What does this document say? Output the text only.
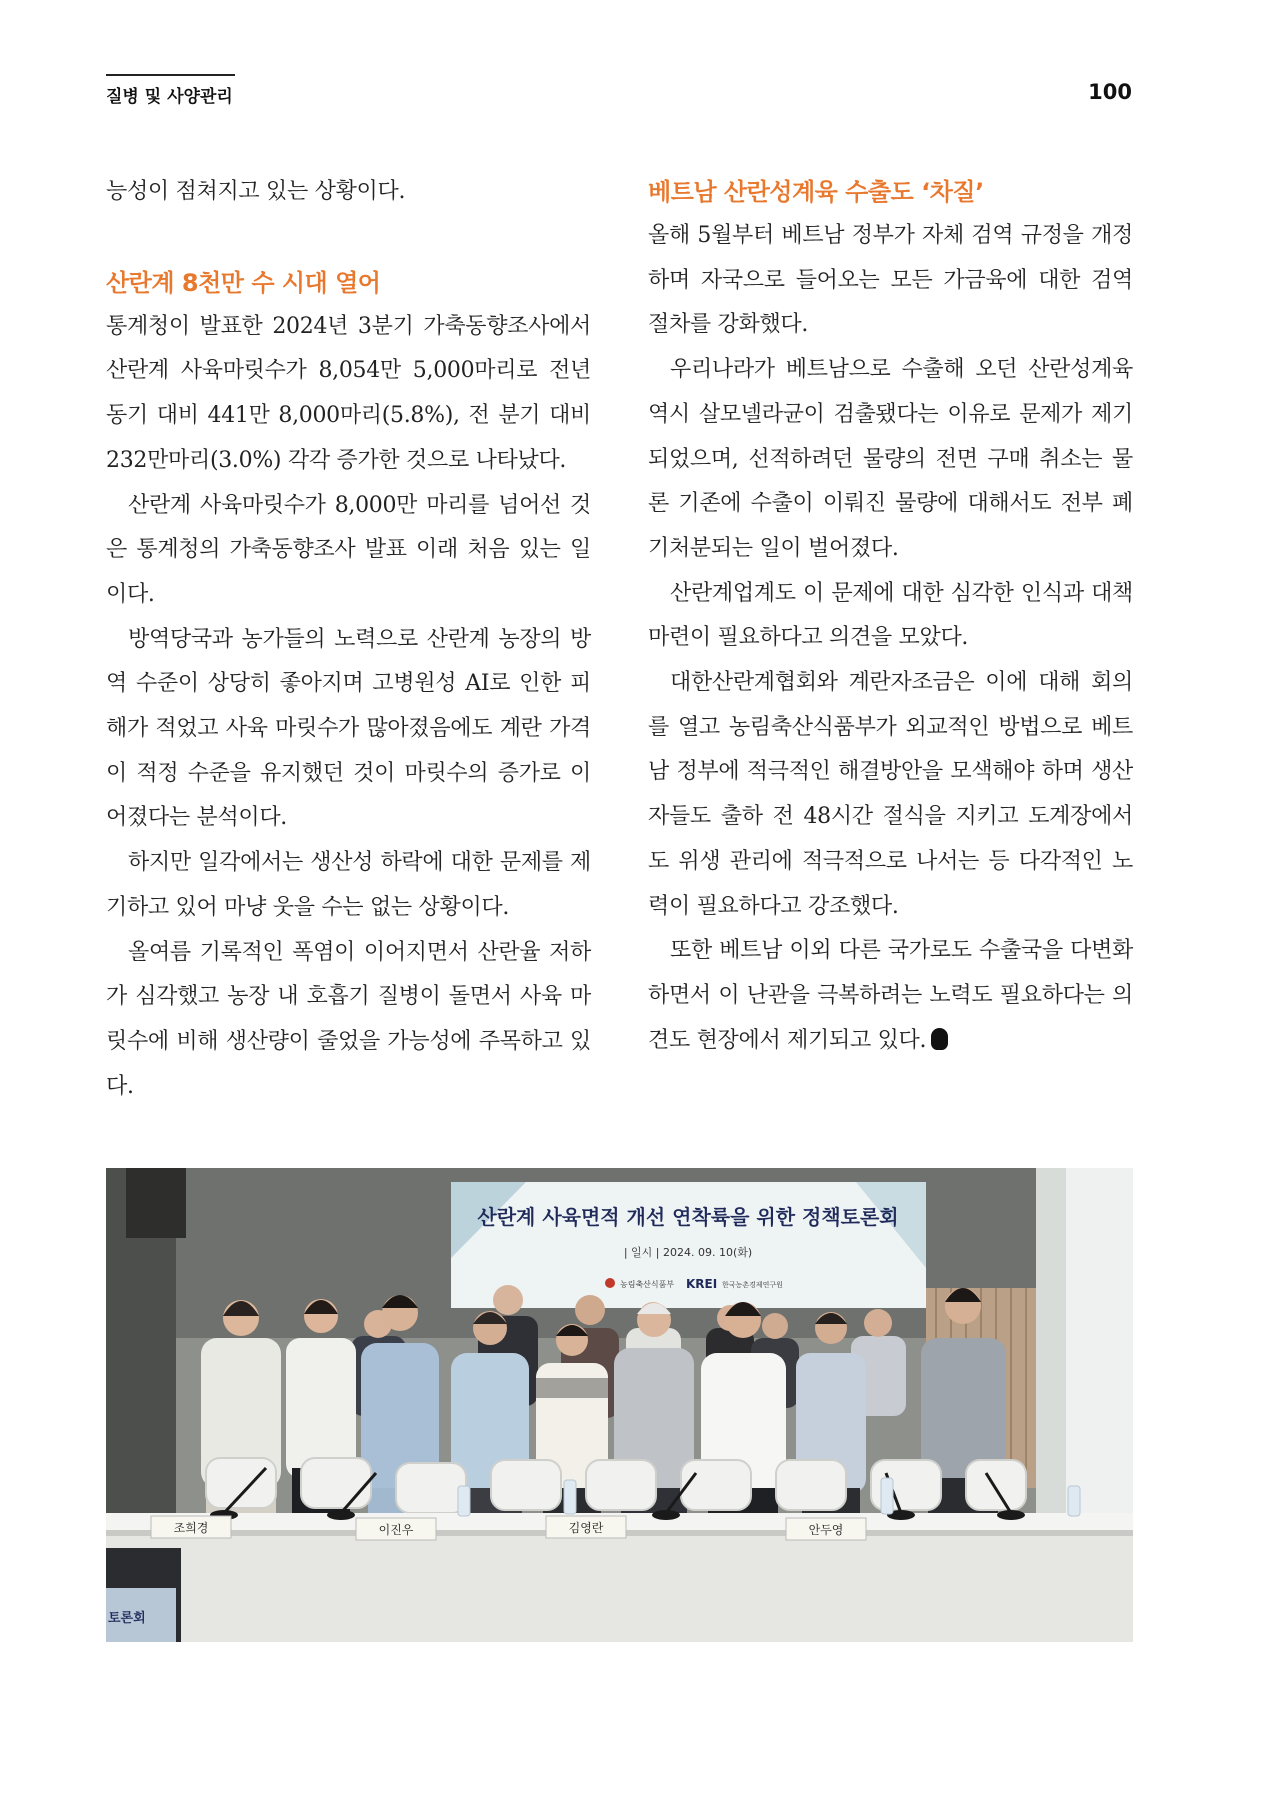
질병 및 사양관리	100

능성이 점쳐지고 있는 상황이다.

산란계 8천만 수 시대 열어

통계청이 발표한 2024년 3분기 가축동향조사에서 산란계 사육마릿수가 8,054만 5,000마리로 전년 동기 대비 441만 8,000마리(5.8%), 전 분기 대비 232만마리(3.0%) 각각 증가한 것으로 나타났다.

산란계 사육마릿수가 8,000만 마리를 넘어선 것은 통계청의 가축동향조사 발표 이래 처음 있는 일이다.

방역당국과 농가들의 노력으로 산란계 농장의 방역 수준이 상당히 좋아지며 고병원성 AI로 인한 피해가 적었고 사육 마릿수가 많아졌음에도 계란 가격이 적정 수준을 유지했던 것이 마릿수의 증가로 이어졌다는 분석이다.

하지만 일각에서는 생산성 하락에 대한 문제를 제기하고 있어 마냥 웃을 수는 없는 상황이다.

올여름 기록적인 폭염이 이어지면서 산란율 저하가 심각했고 농장 내 호흡기 질병이 돌면서 사육 마릿수에 비해 생산량이 줄었을 가능성에 주목하고 있다.

베트남 산란성계육 수출도 ‘차질’

올해 5월부터 베트남 정부가 자체 검역 규정을 개정하며 자국으로 들어오는 모든 가금육에 대한 검역 절차를 강화했다.

우리나라가 베트남으로 수출해 오던 산란성계육 역시 살모넬라균이 검출됐다는 이유로 문제가 제기되었으며, 선적하려던 물량의 전면 구매 취소는 물론 기존에 수출이 이뤄진 물량에 대해서도 전부 폐기처분되는 일이 벌어졌다.

산란계업계도 이 문제에 대한 심각한 인식과 대책 마련이 필요하다고 의견을 모았다.

대한산란계협회와 계란자조금은 이에 대해 회의를 열고 농림축산식품부가 외교적인 방법으로 베트남 정부에 적극적인 해결방안을 모색해야 하며 생산자들도 출하 전 48시간 절식을 지키고 도계장에서도 위생 관리에 적극적으로 나서는 등 다각적인 노력이 필요하다고 강조했다.

또한 베트남 이외 다른 국가로도 수출국을 다변화하면서 이 난관을 극복하려는 노력도 필요하다는 의견도 현장에서 제기되고 있다.

산란계 사육면적 개선 연착륙을 위한 정책토론회
| 일시 | 2024. 09. 10(화)
농림축산식품부 KREI 한국농촌경제연구원
조희경	이진우	김영란	안두영
토론회
